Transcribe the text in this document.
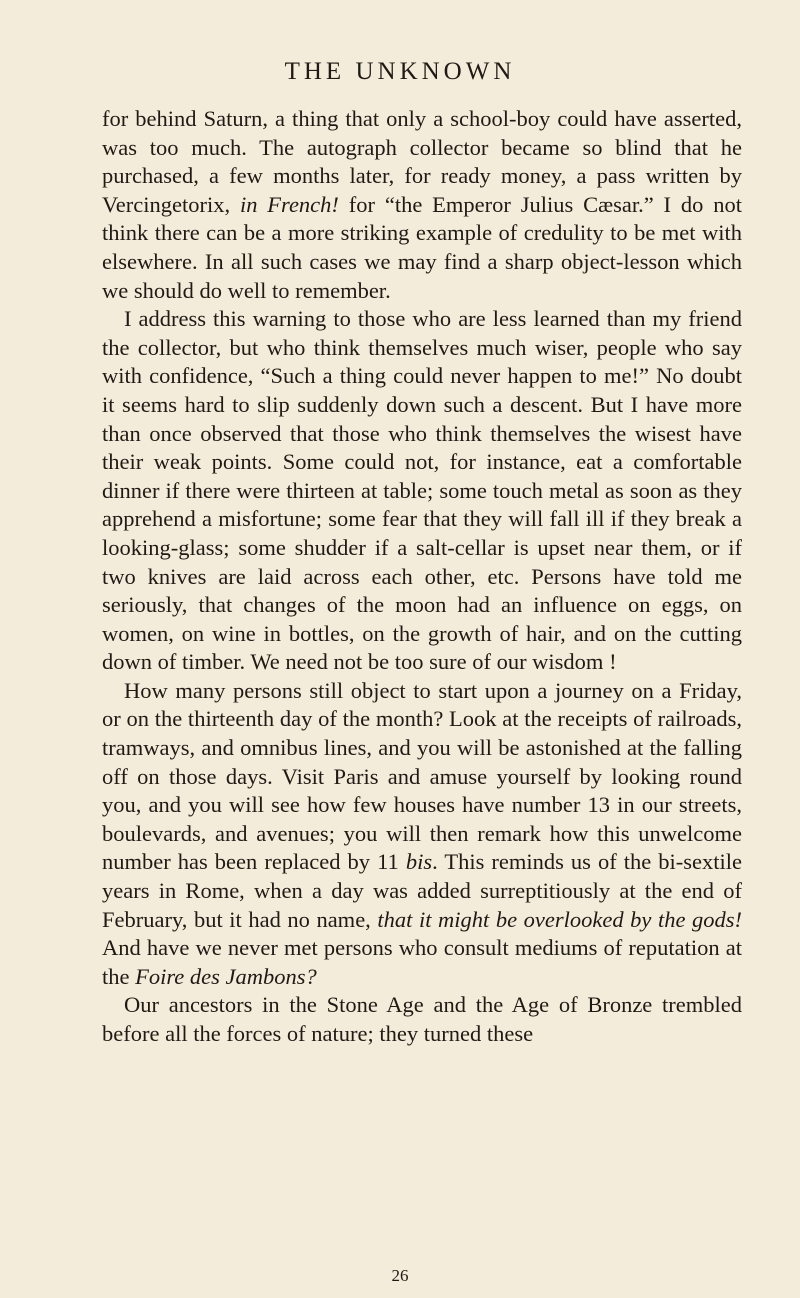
THE UNKNOWN

for behind Saturn, a thing that only a school-boy could have asserted, was too much. The autograph collector became so blind that he purchased, a few months later, for ready money, a pass written by Vercingetorix, in French! for “the Emperor Julius Cæsar.” I do not think there can be a more striking example of credulity to be met with elsewhere. In all such cases we may find a sharp object-lesson which we should do well to remember.

I address this warning to those who are less learned than my friend the collector, but who think themselves much wiser, people who say with confidence, “Such a thing could never happen to me!” No doubt it seems hard to slip suddenly down such a descent. But I have more than once observed that those who think themselves the wisest have their weak points. Some could not, for instance, eat a comfortable dinner if there were thirteen at table; some touch metal as soon as they apprehend a misfortune; some fear that they will fall ill if they break a looking-glass; some shudder if a salt-cellar is upset near them, or if two knives are laid across each other, etc. Persons have told me seriously, that changes of the moon had an influence on eggs, on women, on wine in bottles, on the growth of hair, and on the cutting down of timber. We need not be too sure of our wisdom !

How many persons still object to start upon a journey on a Friday, or on the thirteenth day of the month? Look at the receipts of railroads, tramways, and omnibus lines, and you will be astonished at the falling off on those days. Visit Paris and amuse yourself by looking round you, and you will see how few houses have number 13 in our streets, boulevards, and avenues; you will then remark how this unwelcome number has been replaced by 11 bis. This reminds us of the bi-sextile years in Rome, when a day was added surreptitiously at the end of February, but it had no name, that it might be overlooked by the gods! And have we never met persons who consult mediums of reputation at the Foire des Jambons?

Our ancestors in the Stone Age and the Age of Bronze trembled before all the forces of nature; they turned these

26
